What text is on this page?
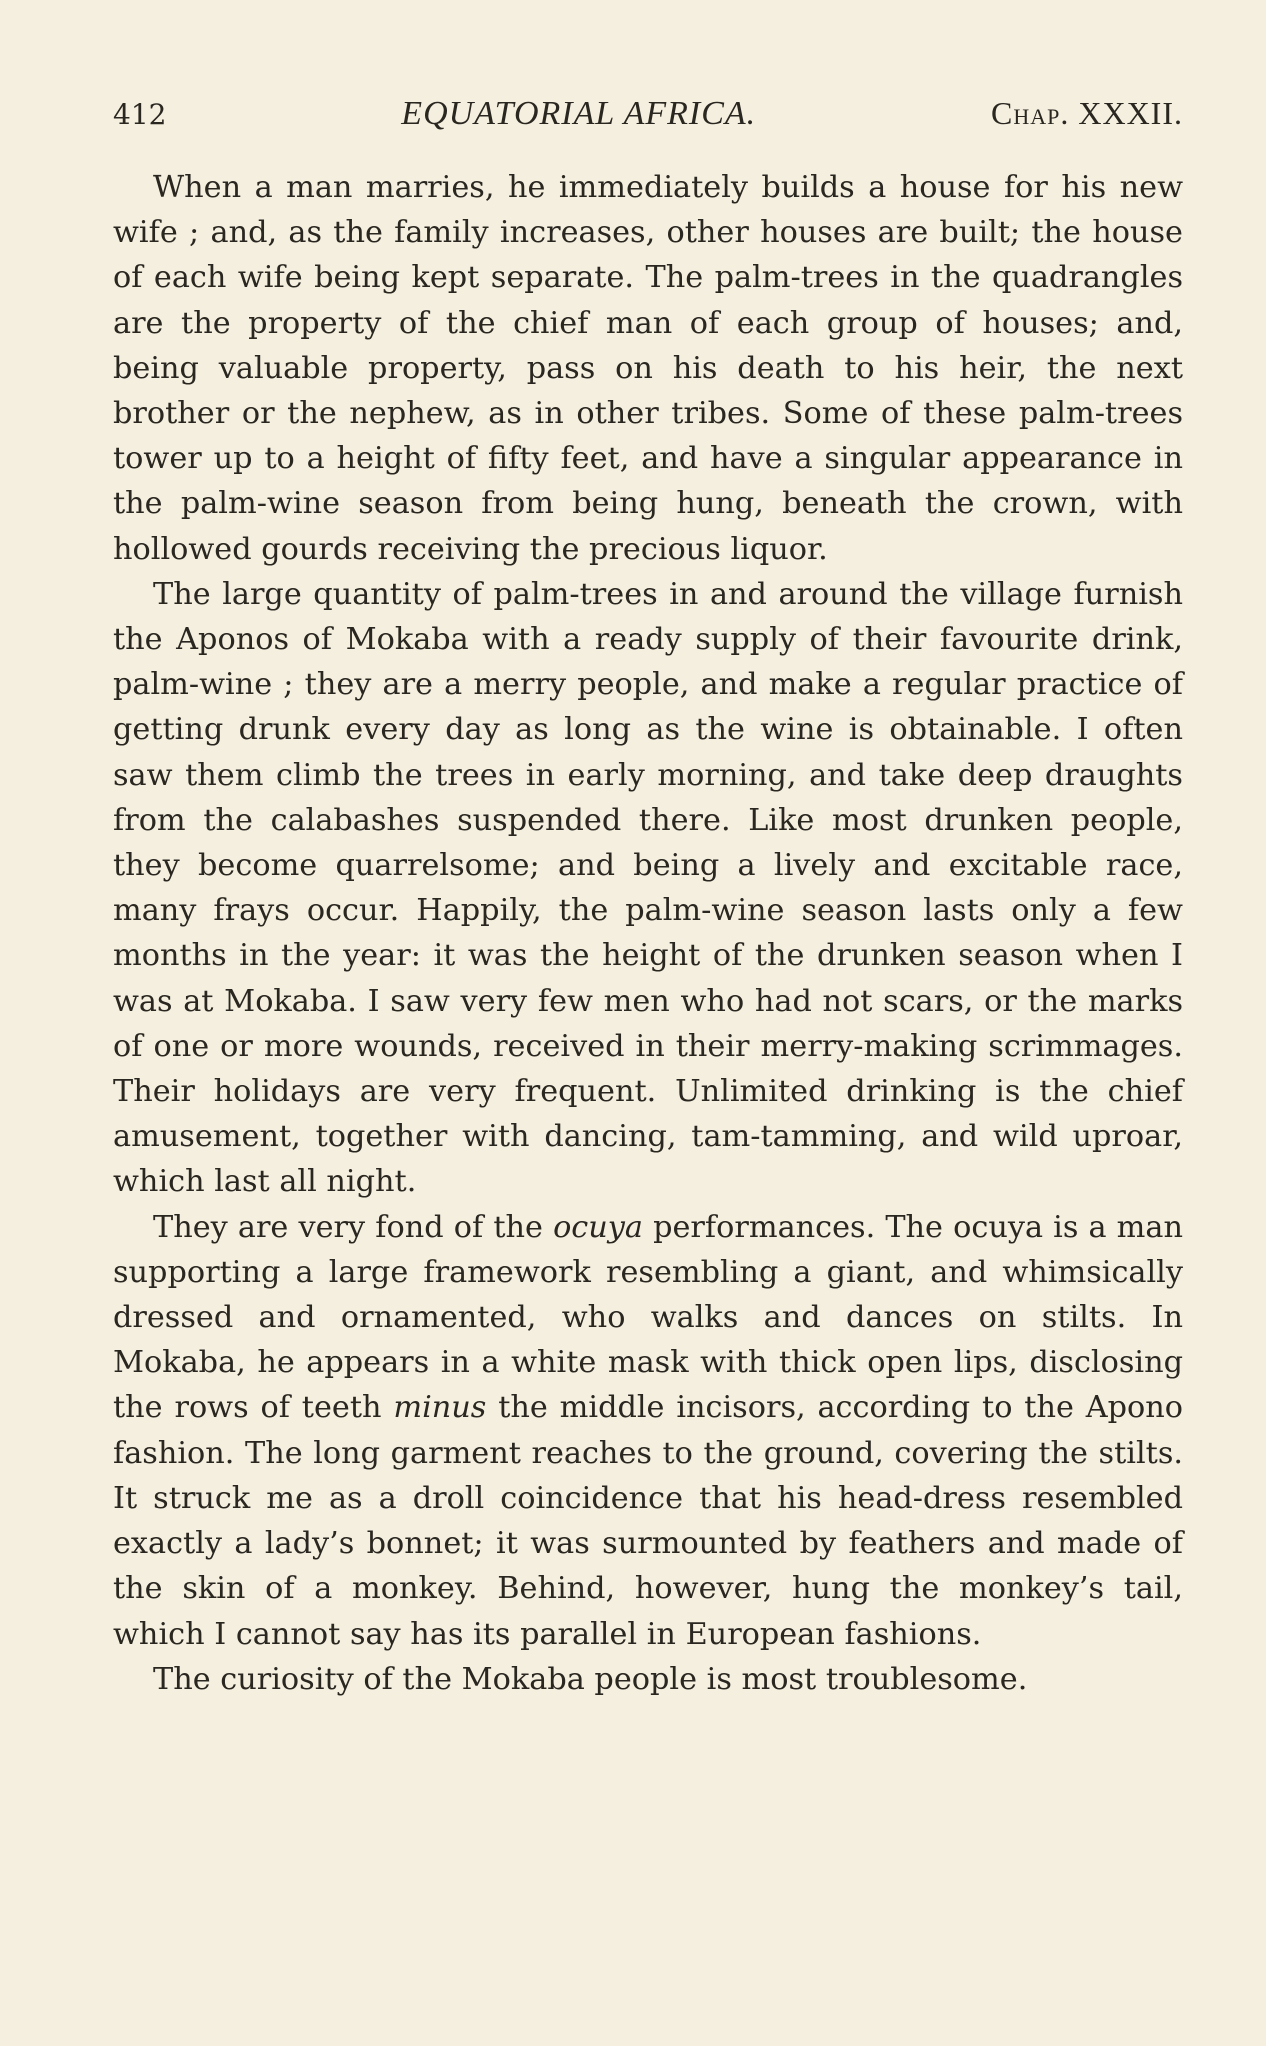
412	EQUATORIAL AFRICA.	Chap. XXXII.

When a man marries, he immediately builds a house for his new wife ; and, as the family increases, other houses are built; the house of each wife being kept separate. The palm-trees in the quadrangles are the property of the chief man of each group of houses; and, being valuable property, pass on his death to his heir, the next brother or the nephew, as in other tribes. Some of these palm-trees tower up to a height of fifty feet, and have a singular appearance in the palm-wine season from being hung, beneath the crown, with hollowed gourds receiving the precious liquor.

The large quantity of palm-trees in and around the village furnish the Aponos of Mokaba with a ready supply of their favourite drink, palm-wine ; they are a merry people, and make a regular practice of getting drunk every day as long as the wine is obtainable. I often saw them climb the trees in early morning, and take deep draughts from the calabashes suspended there. Like most drunken people, they become quarrelsome; and being a lively and excitable race, many frays occur. Happily, the palm-wine season lasts only a few months in the year: it was the height of the drunken season when I was at Mokaba. I saw very few men who had not scars, or the marks of one or more wounds, received in their merry-making scrimmages. Their holidays are very frequent. Unlimited drinking is the chief amusement, together with dancing, tam-tamming, and wild uproar, which last all night.

They are very fond of the ocuya performances. The ocuya is a man supporting a large framework resembling a giant, and whimsically dressed and ornamented, who walks and dances on stilts. In Mokaba, he appears in a white mask with thick open lips, disclosing the rows of teeth minus the middle incisors, according to the Apono fashion. The long garment reaches to the ground, covering the stilts. It struck me as a droll coincidence that his head-dress resembled exactly a lady’s bonnet; it was surmounted by feathers and made of the skin of a monkey. Behind, however, hung the monkey’s tail, which I cannot say has its parallel in European fashions.

The curiosity of the Mokaba people is most troublesome.
